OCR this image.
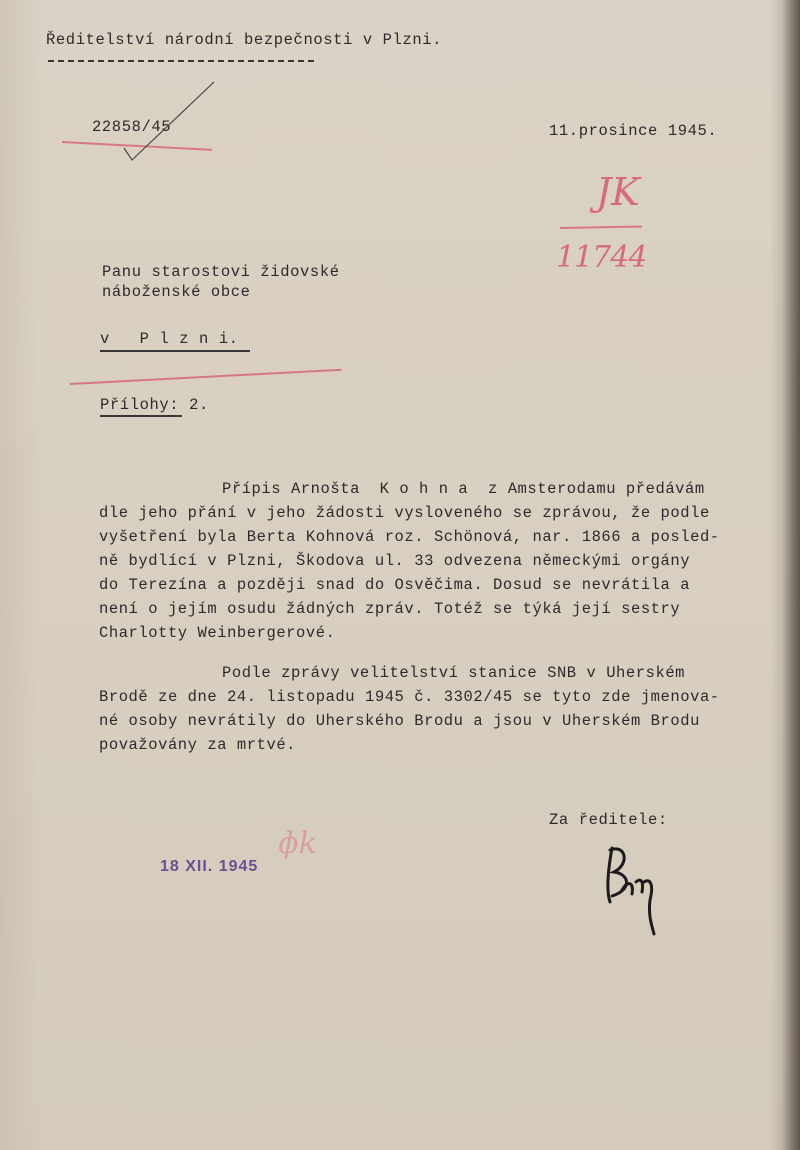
Ředitelství národní bezpečnosti v Plzni.
22858/45	11.prosince 1945.
JK
11744
Panu starostovi židovské
náboženské obce
v   P l z n i.
Přílohy: 2.
Přípis Arnošta  K o h n a  z Amsterodamu předávám
dle jeho přání v jeho žádosti vysloveného se zprávou, že podle
vyšetření byla Berta Kohnová roz. Schönová, nar. 1866 a posled-
ně bydlící v Plzni, Škodova ul. 33 odvezena německými orgány
do Terezína a později snad do Osvěčima. Dosud se nevrátila a
není o jejím osudu žádných zpráv. Totéž se týká její sestry
Charlotty Weinbergerové.
Podle zprávy velitelství stanice SNB v Uherském
Brodě ze dne 24. listopadu 1945 č. 3302/45 se tyto zde jmenova-
né osoby nevrátily do Uherského Brodu a jsou v Uherském Brodu
považovány za mrtvé.
Za ředitele:
18 XII. 1945
ɸk
